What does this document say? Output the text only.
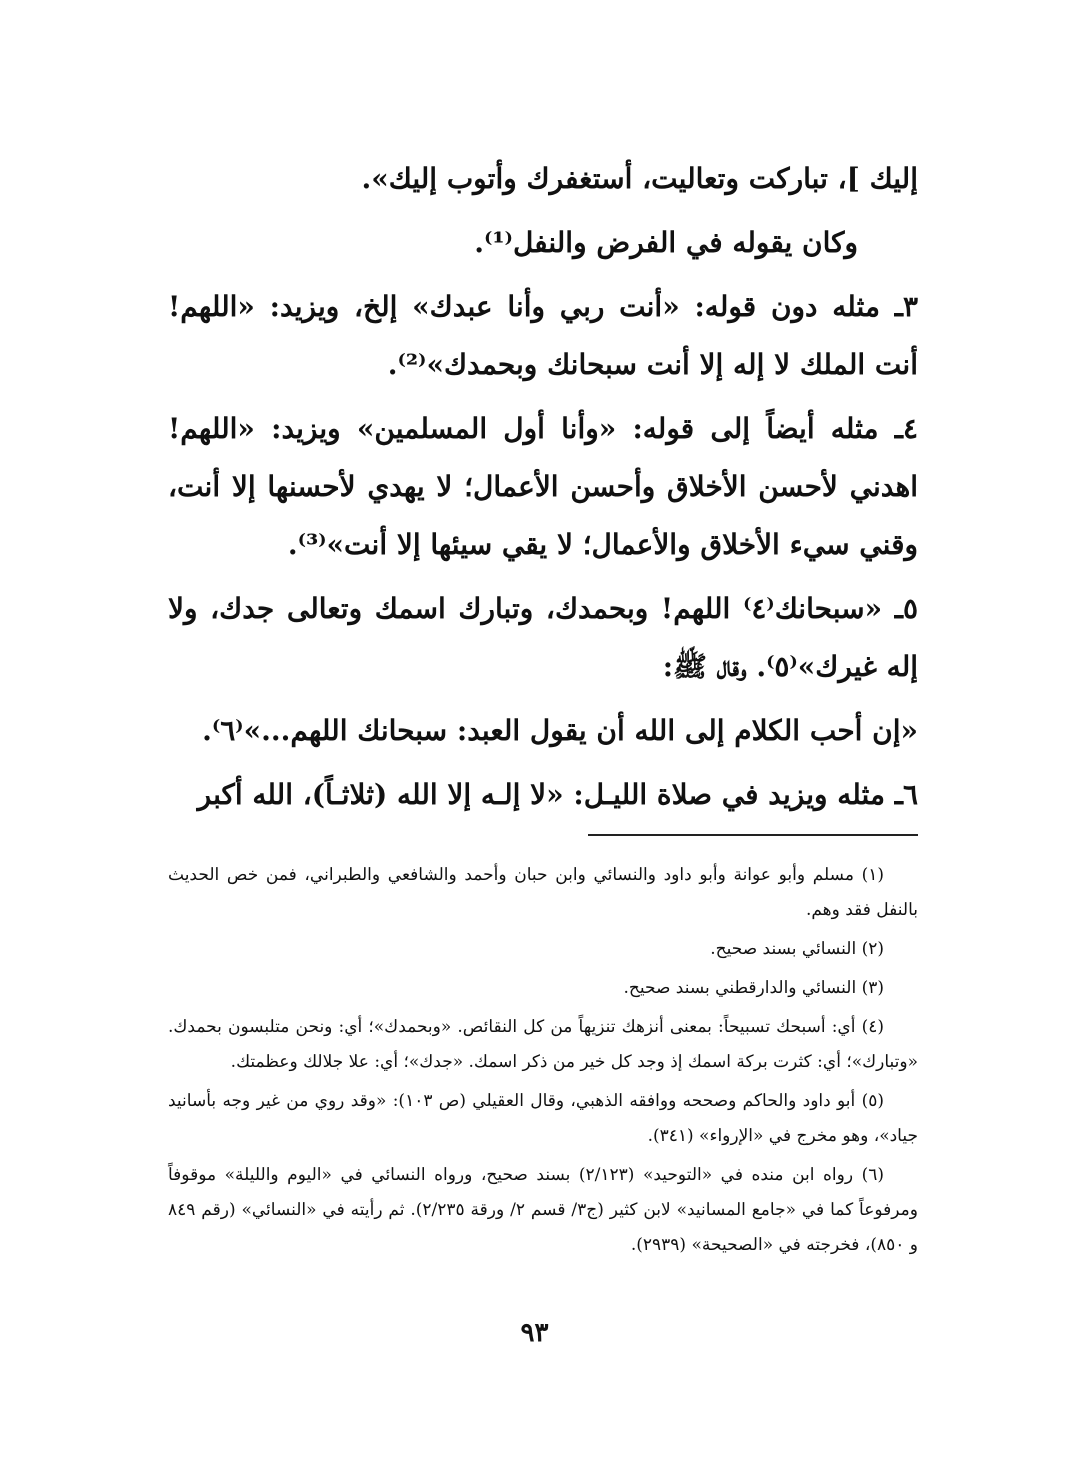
إليك ]، تباركت وتعاليت، أستغفرك وأتوب إليك».

وكان يقوله في الفرض والنفل⁽¹⁾.

٣ـ مثله دون قوله: «أنت ربي وأنا عبدك» إلخ، ويزيد: «اللهم! أنت الملك لا إله إلا أنت سبحانك وبحمدك»⁽²⁾.

٤ـ مثله أيضاً إلى قوله: «وأنا أول المسلمين» ويزيد: «اللهم! اهدني لأحسن الأخلاق وأحسن الأعمال؛ لا يهدي لأحسنها إلا أنت، وقني سيء الأخلاق والأعمال؛ لا يقي سيئها إلا أنت»⁽³⁾.

٥ـ «سبحانك⁽٤⁾ اللهم! وبحمدك، وتبارك اسمك وتعالى جدك، ولا إله غيرك»⁽٥⁾. وقال ﷺ:

«إن أحب الكلام إلى الله أن يقول العبد: سبحانك اللهم...»⁽٦⁾.

٦ـ مثله ويزيد في صلاة الليـل: «لا إلـه إلا الله (ثلاثـاً)، الله أكبر

(١) مسلم وأبو عوانة وأبو داود والنسائي وابن حبان وأحمد والشافعي والطبراني، فمن خص الحديث بالنفل فقد وهم.

(٢) النسائي بسند صحيح.

(٣) النسائي والدارقطني بسند صحيح.

(٤) أي: أسبحك تسبيحاً: بمعنى أنزهك تنزيهاً من كل النقائص. «وبحمدك»؛ أي: ونحن متلبسون بحمدك. «وتبارك»؛ أي: كثرت بركة اسمك إذ وجد كل خير من ذكر اسمك. «جدك»؛ أي: علا جلالك وعظمتك.

(٥) أبو داود والحاكم وصححه ووافقه الذهبي، وقال العقيلي (ص ١٠٣): «وقد روي من غير وجه بأسانيد جياد»، وهو مخرج في «الإرواء» (٣٤١).

(٦) رواه ابن منده في «التوحيد» (٢/١٢٣) بسند صحيح، ورواه النسائي في «اليوم والليلة» موقوفاً ومرفوعاً كما في «جامع المسانيد» لابن كثير (ج٣/ قسم ٢/ ورقة ٢/٢٣٥). ثم رأيته في «النسائي» (رقم ٨٤٩ و ٨٥٠)، فخرجته في «الصحيحة» (٢٩٣٩).

٩٣
